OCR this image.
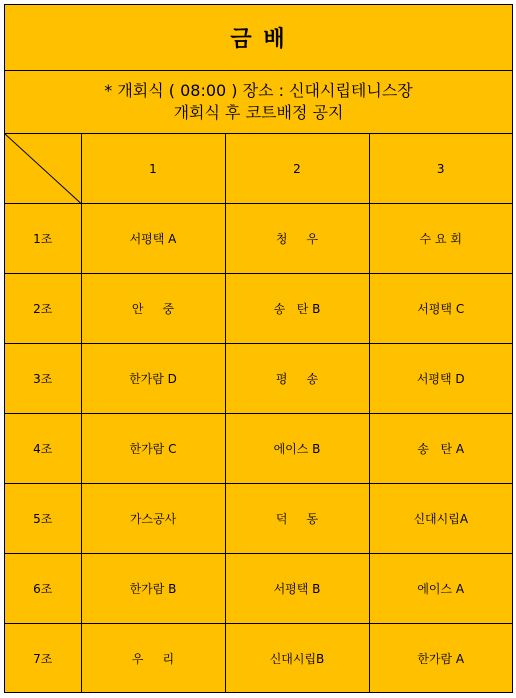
금 배
* 개회식 ( 08:00 ) 장소 : 신대시립테니스장
개회식 후 코트배정 공지

	1	2	3
1조	서평택 A	청     우	수 요 회
2조	안     중	송   탄 B	서평택 C
3조	한가람 D	평     송	서평택 D
4조	한가람 C	에이스 B	송   탄 A
5조	가스공사	덕     동	신대시립A
6조	한가람 B	서평택 B	에이스 A
7조	우     리	신대시립B	한가람 A
